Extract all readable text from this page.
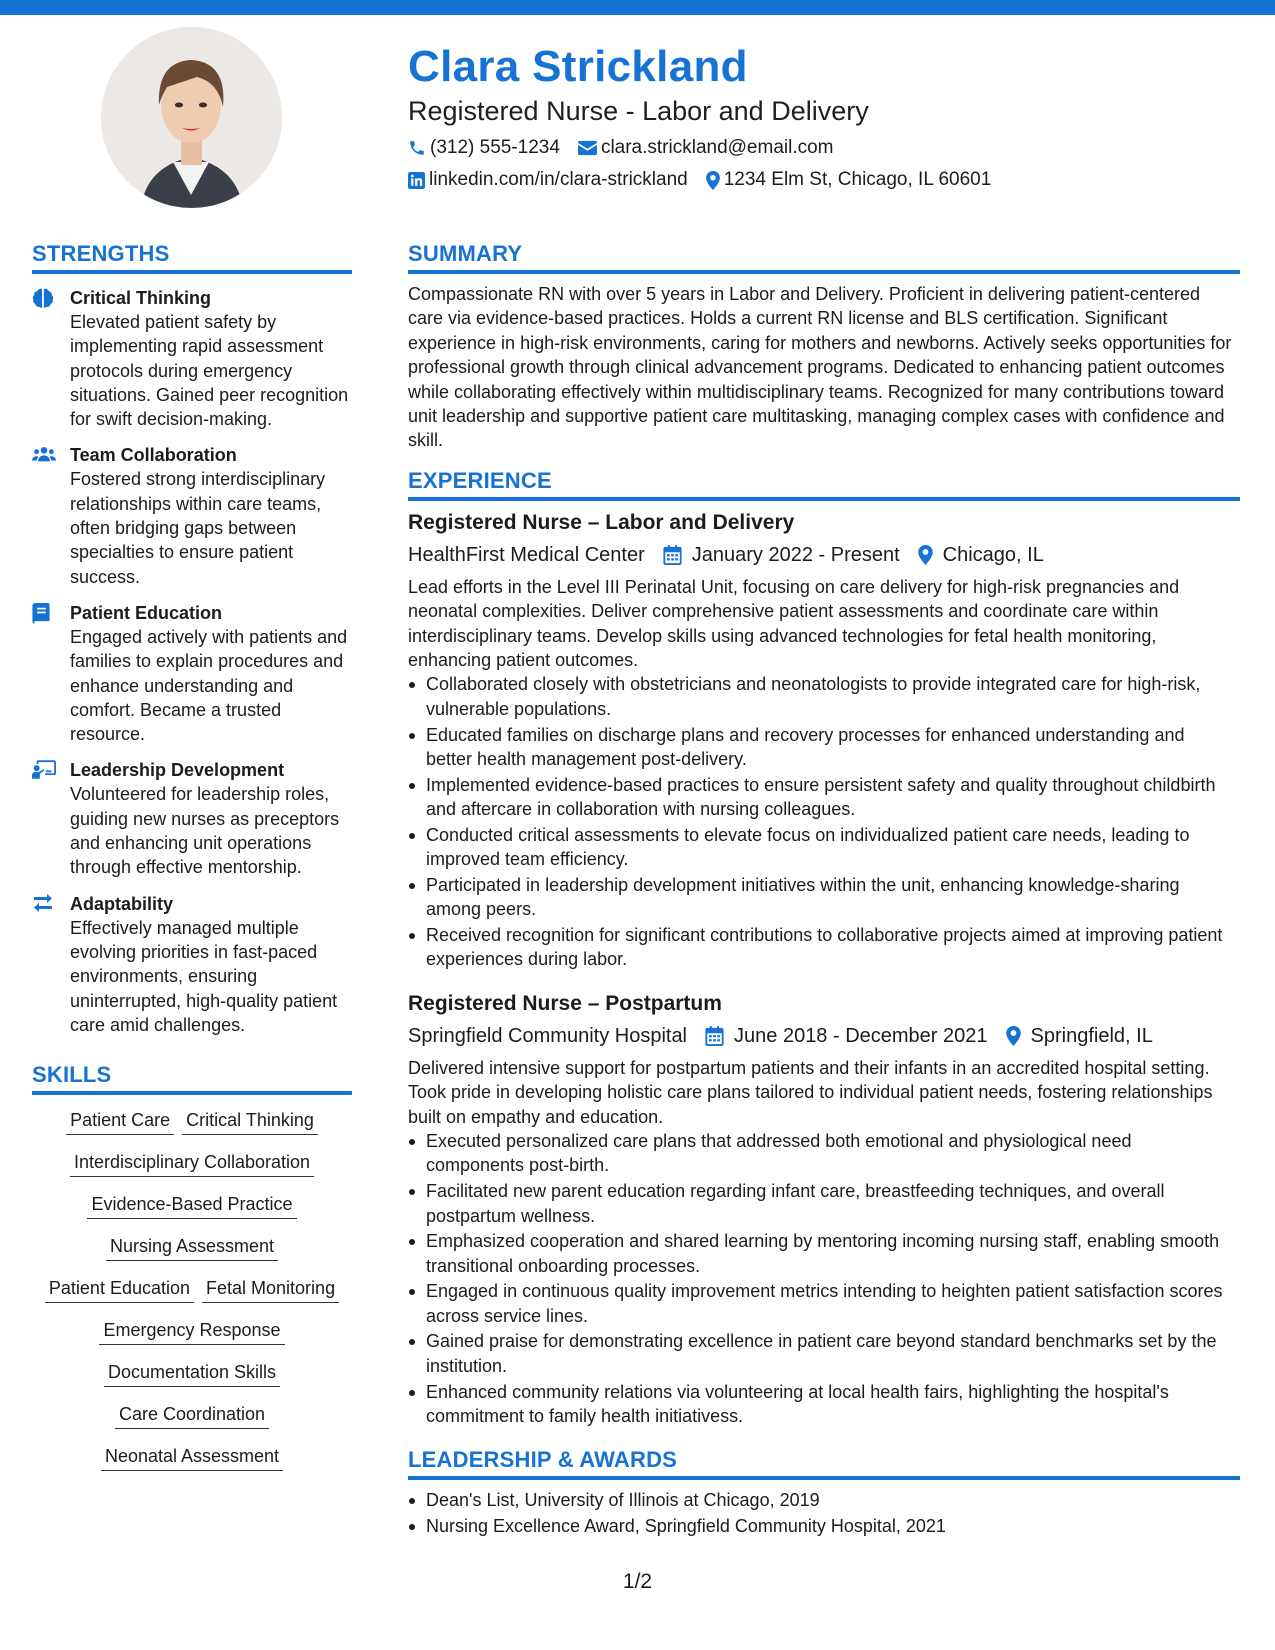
Clara Strickland
Registered Nurse - Labor and Delivery
(312) 555-1234 clara.strickland@email.com
linkedin.com/in/clara-strickland 1234 Elm St, Chicago, IL 60601
STRENGTHS
Critical Thinking
Elevated patient safety by implementing rapid assessment protocols during emergency situations. Gained peer recognition for swift decision-making.
Team Collaboration
Fostered strong interdisciplinary relationships within care teams, often bridging gaps between specialties to ensure patient success.
Patient Education
Engaged actively with patients and families to explain procedures and enhance understanding and comfort. Became a trusted resource.
Leadership Development
Volunteered for leadership roles, guiding new nurses as preceptors and enhancing unit operations through effective mentorship.
Adaptability
Effectively managed multiple evolving priorities in fast-paced environments, ensuring uninterrupted, high-quality patient care amid challenges.
SKILLS
Patient Care Critical Thinking
Interdisciplinary Collaboration
Evidence-Based Practice
Nursing Assessment
Patient Education Fetal Monitoring
Emergency Response
Documentation Skills
Care Coordination
Neonatal Assessment
SUMMARY
Compassionate RN with over 5 years in Labor and Delivery. Proficient in delivering patient-centered care via evidence-based practices. Holds a current RN license and BLS certification. Significant experience in high-risk environments, caring for mothers and newborns. Actively seeks opportunities for professional growth through clinical advancement programs. Dedicated to enhancing patient outcomes while collaborating effectively within multidisciplinary teams. Recognized for many contributions toward unit leadership and supportive patient care multitasking, managing complex cases with confidence and skill.
EXPERIENCE
Registered Nurse – Labor and Delivery
HealthFirst Medical Center January 2022 - Present Chicago, IL
Lead efforts in the Level III Perinatal Unit, focusing on care delivery for high-risk pregnancies and neonatal complexities. Deliver comprehensive patient assessments and coordinate care within interdisciplinary teams. Develop skills using advanced technologies for fetal health monitoring, enhancing patient outcomes.
Collaborated closely with obstetricians and neonatologists to provide integrated care for high-risk, vulnerable populations.
Educated families on discharge plans and recovery processes for enhanced understanding and better health management post-delivery.
Implemented evidence-based practices to ensure persistent safety and quality throughout childbirth and aftercare in collaboration with nursing colleagues.
Conducted critical assessments to elevate focus on individualized patient care needs, leading to improved team efficiency.
Participated in leadership development initiatives within the unit, enhancing knowledge-sharing among peers.
Received recognition for significant contributions to collaborative projects aimed at improving patient experiences during labor.
Registered Nurse – Postpartum
Springfield Community Hospital June 2018 - December 2021 Springfield, IL
Delivered intensive support for postpartum patients and their infants in an accredited hospital setting. Took pride in developing holistic care plans tailored to individual patient needs, fostering relationships built on empathy and education.
Executed personalized care plans that addressed both emotional and physiological need components post-birth.
Facilitated new parent education regarding infant care, breastfeeding techniques, and overall postpartum wellness.
Emphasized cooperation and shared learning by mentoring incoming nursing staff, enabling smooth transitional onboarding processes.
Engaged in continuous quality improvement metrics intending to heighten patient satisfaction scores across service lines.
Gained praise for demonstrating excellence in patient care beyond standard benchmarks set by the institution.
Enhanced community relations via volunteering at local health fairs, highlighting the hospital's commitment to family health initiativess.
LEADERSHIP & AWARDS
Dean's List, University of Illinois at Chicago, 2019
Nursing Excellence Award, Springfield Community Hospital, 2021
1/2
